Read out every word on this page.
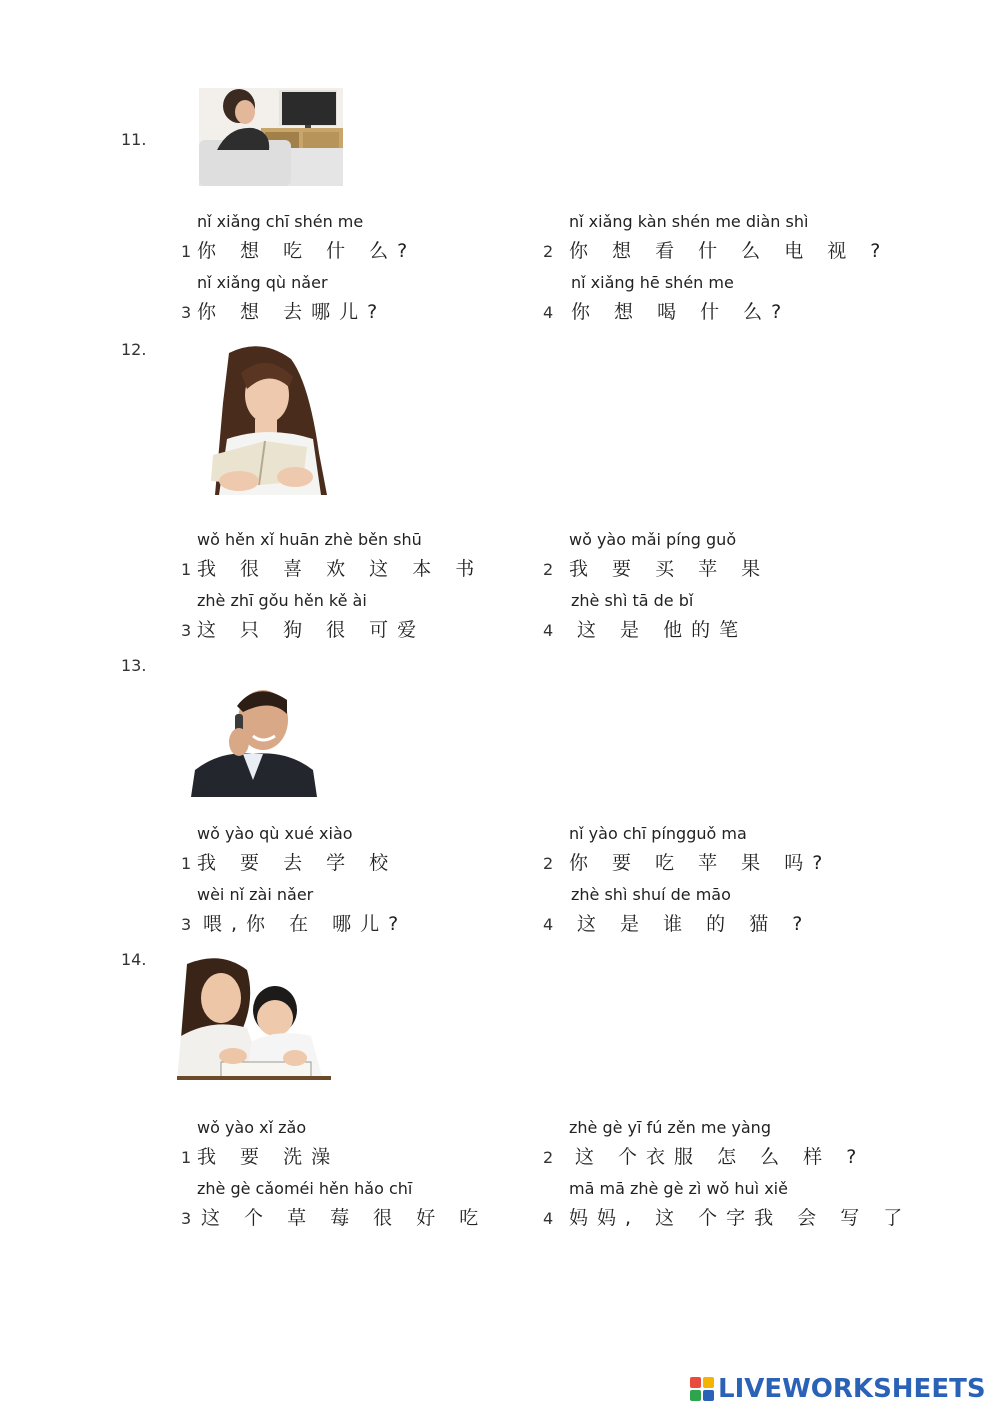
11.
nǐ xiǎng chī shén me
1 你 想 吃 什 么?
nǐ xiǎng kàn shén me diàn shì
2 你 想 看 什 么 电 视 ?
nǐ xiǎng qù nǎer
3 你 想 去哪儿?
nǐ xiǎng hē shén me
4 你 想 喝 什 么?
12.
wǒ hěn xǐ huān zhè běn shū
1 我 很 喜 欢 这 本 书
wǒ yào mǎi píng guǒ
2 我 要 买 苹 果
zhè zhī gǒu hěn kě ài
3 这 只 狗 很 可爱
zhè shì tā de bǐ
4 这 是 他的笔
13.
wǒ yào qù xué xiào
1 我 要 去 学 校
nǐ yào chī píngguǒ ma
2 你 要 吃 苹 果 吗?
wèi nǐ zài nǎer
3 喂,你 在 哪儿?
zhè shì shuí de māo
4 这 是 谁 的 猫 ?
14.
wǒ yào xǐ zǎo
1 我 要 洗澡
zhè gè yī fú zěn me yàng
2 这 个衣服 怎 么 样 ?
zhè gè cǎoméi hěn hǎo chī
3 这 个 草 莓 很 好 吃
mā mā zhè gè zì wǒ huì xiě
4 妈妈, 这 个字我 会 写 了
LIVEWORKSHEETS
